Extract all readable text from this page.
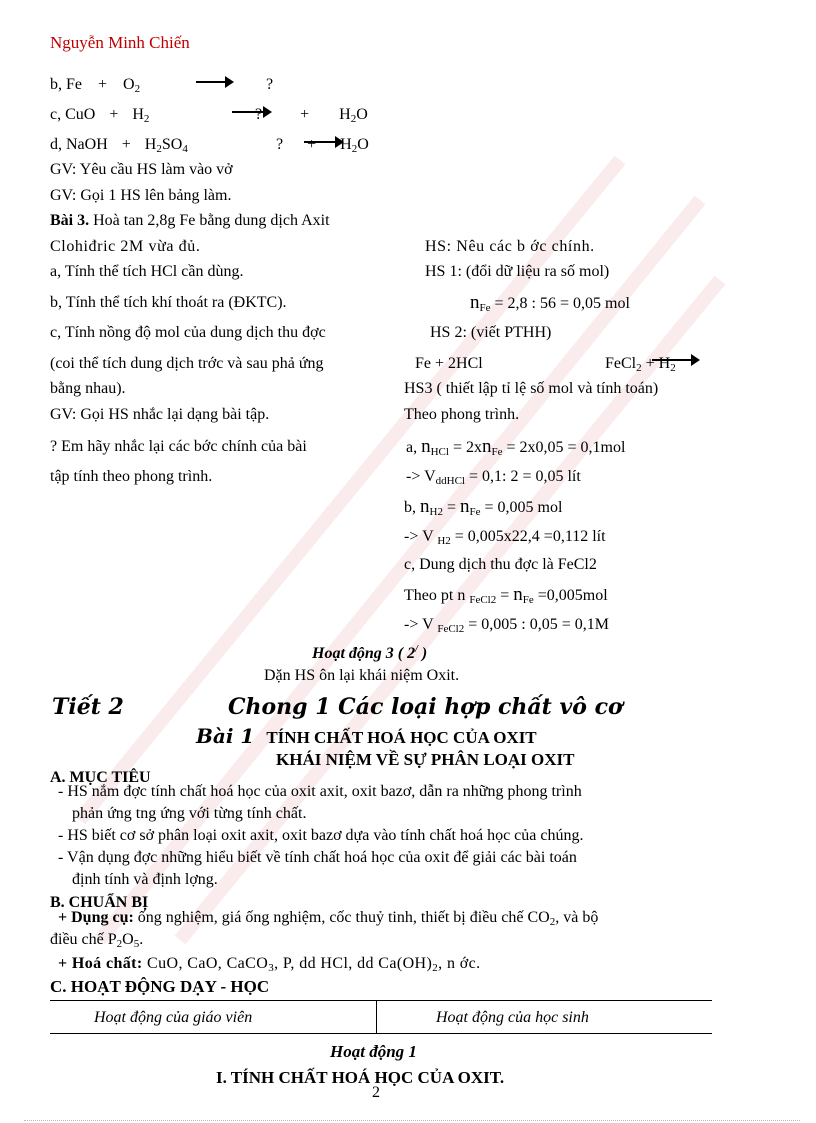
Nguyễn Minh Chiến
b, $Fe + O_2$
	?
c, CuO + $H_2$
	? + $H_2O$
d, NaOH + $H_2SO_4$
	? + $H_2O$
GV: Yêu cầu HS làm vào vở
GV: Gọi 1 HS lên bảng làm.
Bài 3. Hoà tan 2,8g Fe bằng dung dịch Axit
Clohiđric 2M vừa đủ.
a, Tính thể tích HCl cần dùng.
b, Tính thể tích khí thoát ra (ĐKTC).
c, Tính nồng độ mol của dung dịch thu đợc
(coi thể tích dung dịch trớc và sau phả ứng
bằng nhau).
GV: Gọi HS nhắc lại dạng bài tập.
? Em hãy nhắc lại các bớc chính của bài
tập tính theo phong trình.
HS: Nêu các b ớc chính.
HS 1: (đổi dữ liệu ra số mol)
$n_{Fe} = 2,8$ : 56 = 0,05 mol
HS 2: (viết PTHH)
Fe + 2HCl	FeCl$_2$ + $H_2$
HS3 ( thiết lập tỉ lệ số mol và tính toán)
Theo phong trình.
a, $n_{HCl} = 2xn_{Fe} = 2x0,05 = 0,1mol$
-> $V_{ddHCl} = 0,1$: 2 = 0,05 lít
b, $n_{H2} = n_{Fe} = 0,005$ mol
-> V $_{H2}$ = 0,005x22,4 =0,112 lít
c, Dung dịch thu đợc là FeCl2
Theo pt n $_{FeCl2} = n_{Fe} =0,005mol$
-> V $_{FeCl2}$ = 0,005 : 0,05 = 0,1M
Hoạt động 3 ( 2/ )
Dặn HS ôn lại khái niệm Oxit.
Tiết 2	Chong 1 Các loại hợp chất vô cơ
Bài 1 TÍNH CHẤT HOÁ HỌC CỦA OXIT
KHÁI NIỆM VỀ SỰ PHÂN LOẠI OXIT
A. MỤC TIÊU
- HS nắm đợc tính chất hoá học của oxit axit, oxit bazơ, dẫn ra những phong trình
phản ứng tng ứng với từng tính chất.
- HS biết cơ sở phân loại oxit axit, oxit bazơ dựa vào tính chất hoá học của chúng.
- Vận dụng đợc những hiểu biết về tính chất hoá học của oxit để giải các bài toán
định tính và định lợng.
B. CHUẨN BỊ
+ Dụng cụ: ống nghiệm, giá ống nghiệm, cốc thuỷ tinh, thiết bị điều chế $CO_2$, và bộ
điều chế $P_2O_5$.
+ Hoá chất: CuO, CaO, CaCO$_3$, P, dd HCl, dd $Ca(OH)_2$, n ớc.
C. HOẠT ĐỘNG DẠY - HỌC
Hoạt động của giáo viên	Hoạt động của học sinh
Hoạt động 1
I. TÍNH CHẤT HOÁ HỌC CỦA OXIT.
2
